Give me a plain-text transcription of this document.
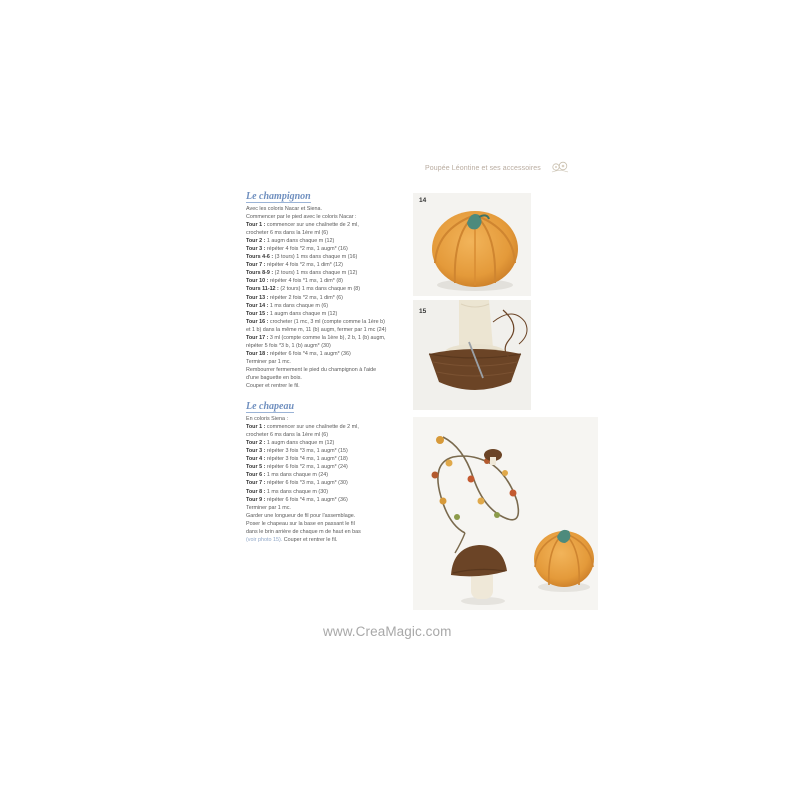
Poupée Léontine et ses accessoires
Le champignon
Avec les coloris Nacar et Siena.
Commencer par le pied avec le coloris Nacar :
Tour 1 : commencer sur une chaînette de 2 ml,
crocheter 6 ms dans la 1ère ml (6)
Tour 2 : 1 augm dans chaque m (12)
Tour 3 : répéter 4 fois *2 ms, 1 augm* (16)
Tours 4-6 : (3 tours) 1 ms dans chaque m (16)
Tour 7 : répéter 4 fois *2 ms, 1 dim* (12)
Tours 8-9 : (2 tours) 1 ms dans chaque m (12)
Tour 10 : répéter 4 fois *1 ms, 1 dim* (8)
Tours 11-12 : (2 tours) 1 ms dans chaque m (8)
Tour 13 : répéter 2 fois *2 ms, 1 dim* (6)
Tour 14 : 1 ms dans chaque m (6)
Tour 15 : 1 augm dans chaque m (12)
Tour 16 : crocheter (1 mc, 3 ml (compte comme la 1ère b)
et 1 b) dans la même m, 11 (b) augm, fermer par 1 mc (24)
Tour 17 : 3 ml (compte comme la 1ère b), 2 b, 1 (b) augm,
répéter 5 fois *3 b, 1 (b) augm* (30)
Tour 18 : répéter 6 fois *4 ms, 1 augm* (36)
Terminer par 1 mc.
Rembourrer fermement le pied du champignon à l'aide
d'une baguette en bois.
Couper et rentrer le fil.
Le chapeau
En coloris Siena :
Tour 1 : commencer sur une chaînette de 2 ml,
crocheter 6 ms dans la 1ère ml (6)
Tour 2 : 1 augm dans chaque m (12)
Tour 3 : répéter 3 fois *3 ms, 1 augm* (15)
Tour 4 : répéter 3 fois *4 ms, 1 augm* (18)
Tour 5 : répéter 6 fois *2 ms, 1 augm* (24)
Tour 6 : 1 ms dans chaque m (24)
Tour 7 : répéter 6 fois *3 ms, 1 augm* (30)
Tour 8 : 1 ms dans chaque m (30)
Tour 9 : répéter 6 fois *4 ms, 1 augm* (36)
Terminer par 1 mc.
Garder une longueur de fil pour l'assemblage.
Poser le chapeau sur la base en passant le fil
dans le brin arrière de chaque m de haut en bas
(voir photo 15). Couper et rentrer le fil.
14
15
www.CreaMagic.com
